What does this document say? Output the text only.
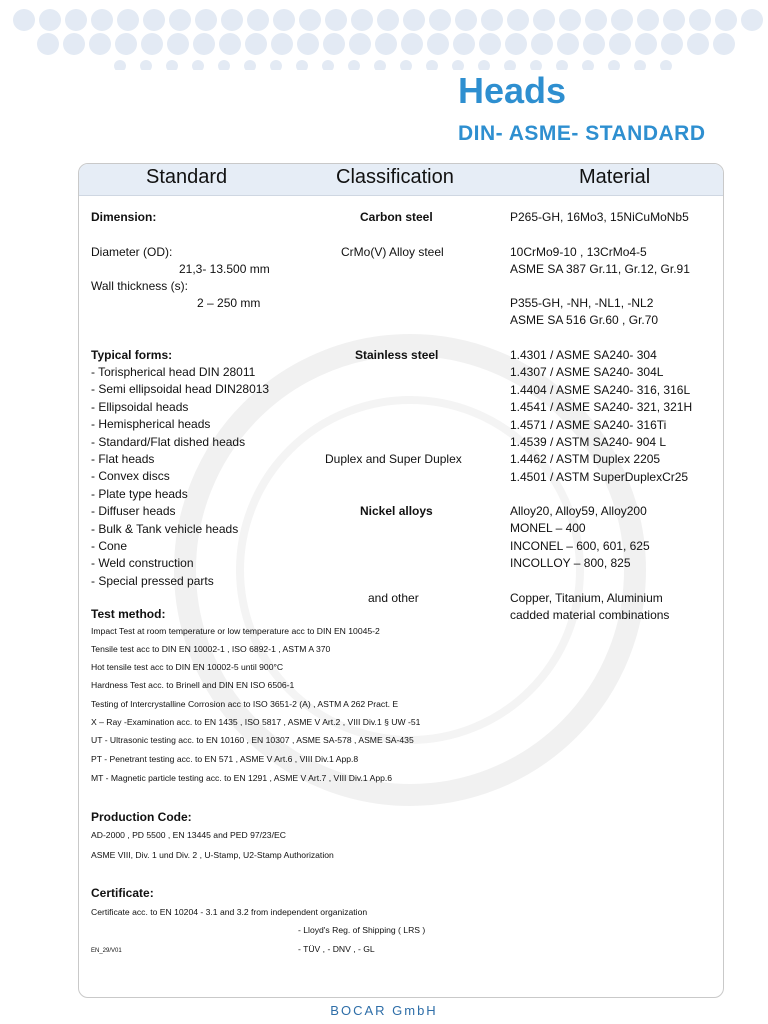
Heads
DIN- ASME- STANDARD
Standard	Classification	Material
Dimension:
Diameter (OD):
21,3- 13.500 mm
Wall thickness (s):
2 – 250 mm
Typical forms:
- Torispherical head DIN 28011
- Semi ellipsoidal head DIN28013
- Ellipsoidal heads
- Hemispherical heads
- Standard/Flat dished heads
- Flat heads
- Convex discs
- Plate type heads
- Diffuser heads
- Bulk & Tank vehicle heads
- Cone
- Weld construction
- Special pressed parts
Carbon steel
CrMo(V) Alloy steel
Stainless steel
Duplex and Super Duplex
Nickel alloys
and other
P265-GH, 16Mo3, 15NiCuMoNb5
10CrMo9-10 , 13CrMo4-5
ASME SA 387 Gr.11, Gr.12, Gr.91
P355-GH, -NH, -NL1, -NL2
ASME SA 516 Gr.60 , Gr.70
1.4301 / ASME SA240- 304
1.4307 / ASME SA240- 304L
1.4404 / ASME SA240- 316, 316L
1.4541 / ASME SA240- 321, 321H
1.4571 / ASME SA240- 316Ti
1.4539 / ASTM SA240- 904 L
1.4462 / ASTM Duplex 2205
1.4501 / ASTM SuperDuplexCr25
Alloy20, Alloy59, Alloy200
MONEL – 400
INCONEL – 600, 601, 625
INCOLLOY – 800, 825
Copper, Titanium, Aluminium
cadded material combinations
Test method:
Impact Test at room temperature or low temperature acc to DIN EN 10045-2
Tensile test acc to DIN EN 10002-1 , ISO 6892-1 , ASTM A 370
Hot tensile test acc to DIN EN 10002-5 until 900°C
Hardness Test acc. to Brinell and DIN EN ISO 6506-1
Testing of Intercrystalline Corrosion acc to ISO 3651-2 (A) , ASTM A 262 Pract. E
X – Ray -Examination acc. to EN 1435 , ISO 5817 , ASME V Art.2 , VIII Div.1 § UW -51
UT - Ultrasonic testing acc. to EN 10160 , EN 10307 , ASME SA-578 , ASME SA-435
PT - Penetrant testing acc. to EN 571 , ASME V Art.6 , VIII Div.1 App.8
MT - Magnetic particle testing acc. to EN 1291 , ASME V Art.7 , VIII Div.1 App.6
Production Code:
AD-2000 , PD 5500 , EN 13445 and PED 97/23/EC
ASME VIII, Div. 1 und Div. 2 , U-Stamp, U2-Stamp Authorization
Certificate:
Certificate acc. to EN 10204 - 3.1 and 3.2 from independent organization
- Lloyd's Reg. of Shipping ( LRS )
- TÜV , - DNV , - GL
EN_29/V01
BOCAR GmbH
